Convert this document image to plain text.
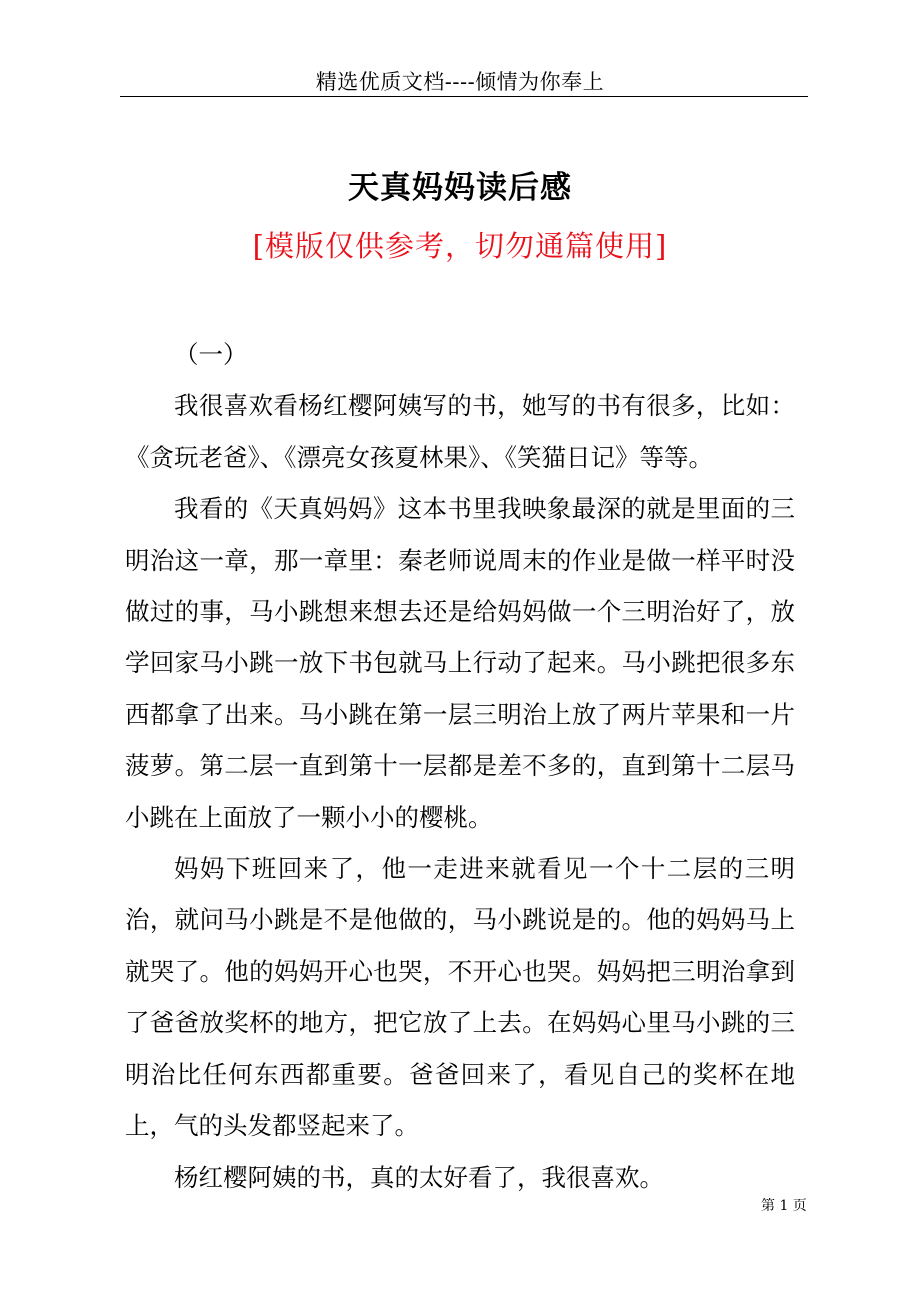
精选优质文档----倾情为你奉上
天真妈妈读后感
[模版仅供参考，切勿通篇使用]

（一）

我很喜欢看杨红樱阿姨写的书，她写的书有很多，比如：《贪玩老爸》、《漂亮女孩夏林果》、《笑猫日记》等等。

我看的《天真妈妈》这本书里我映象最深的就是里面的三明治这一章，那一章里：秦老师说周末的作业是做一样平时没做过的事，马小跳想来想去还是给妈妈做一个三明治好了，放学回家马小跳一放下书包就马上行动了起来。马小跳把很多东西都拿了出来。马小跳在第一层三明治上放了两片苹果和一片菠萝。第二层一直到第十一层都是差不多的，直到第十二层马小跳在上面放了一颗小小的樱桃。

妈妈下班回来了，他一走进来就看见一个十二层的三明治，就问马小跳是不是他做的，马小跳说是的。他的妈妈马上就哭了。他的妈妈开心也哭，不开心也哭。妈妈把三明治拿到了爸爸放奖杯的地方，把它放了上去。在妈妈心里马小跳的三明治比任何东西都重要。爸爸回来了，看见自己的奖杯在地上，气的头发都竖起来了。

杨红樱阿姨的书，真的太好看了，我很喜欢。

第 1 页
